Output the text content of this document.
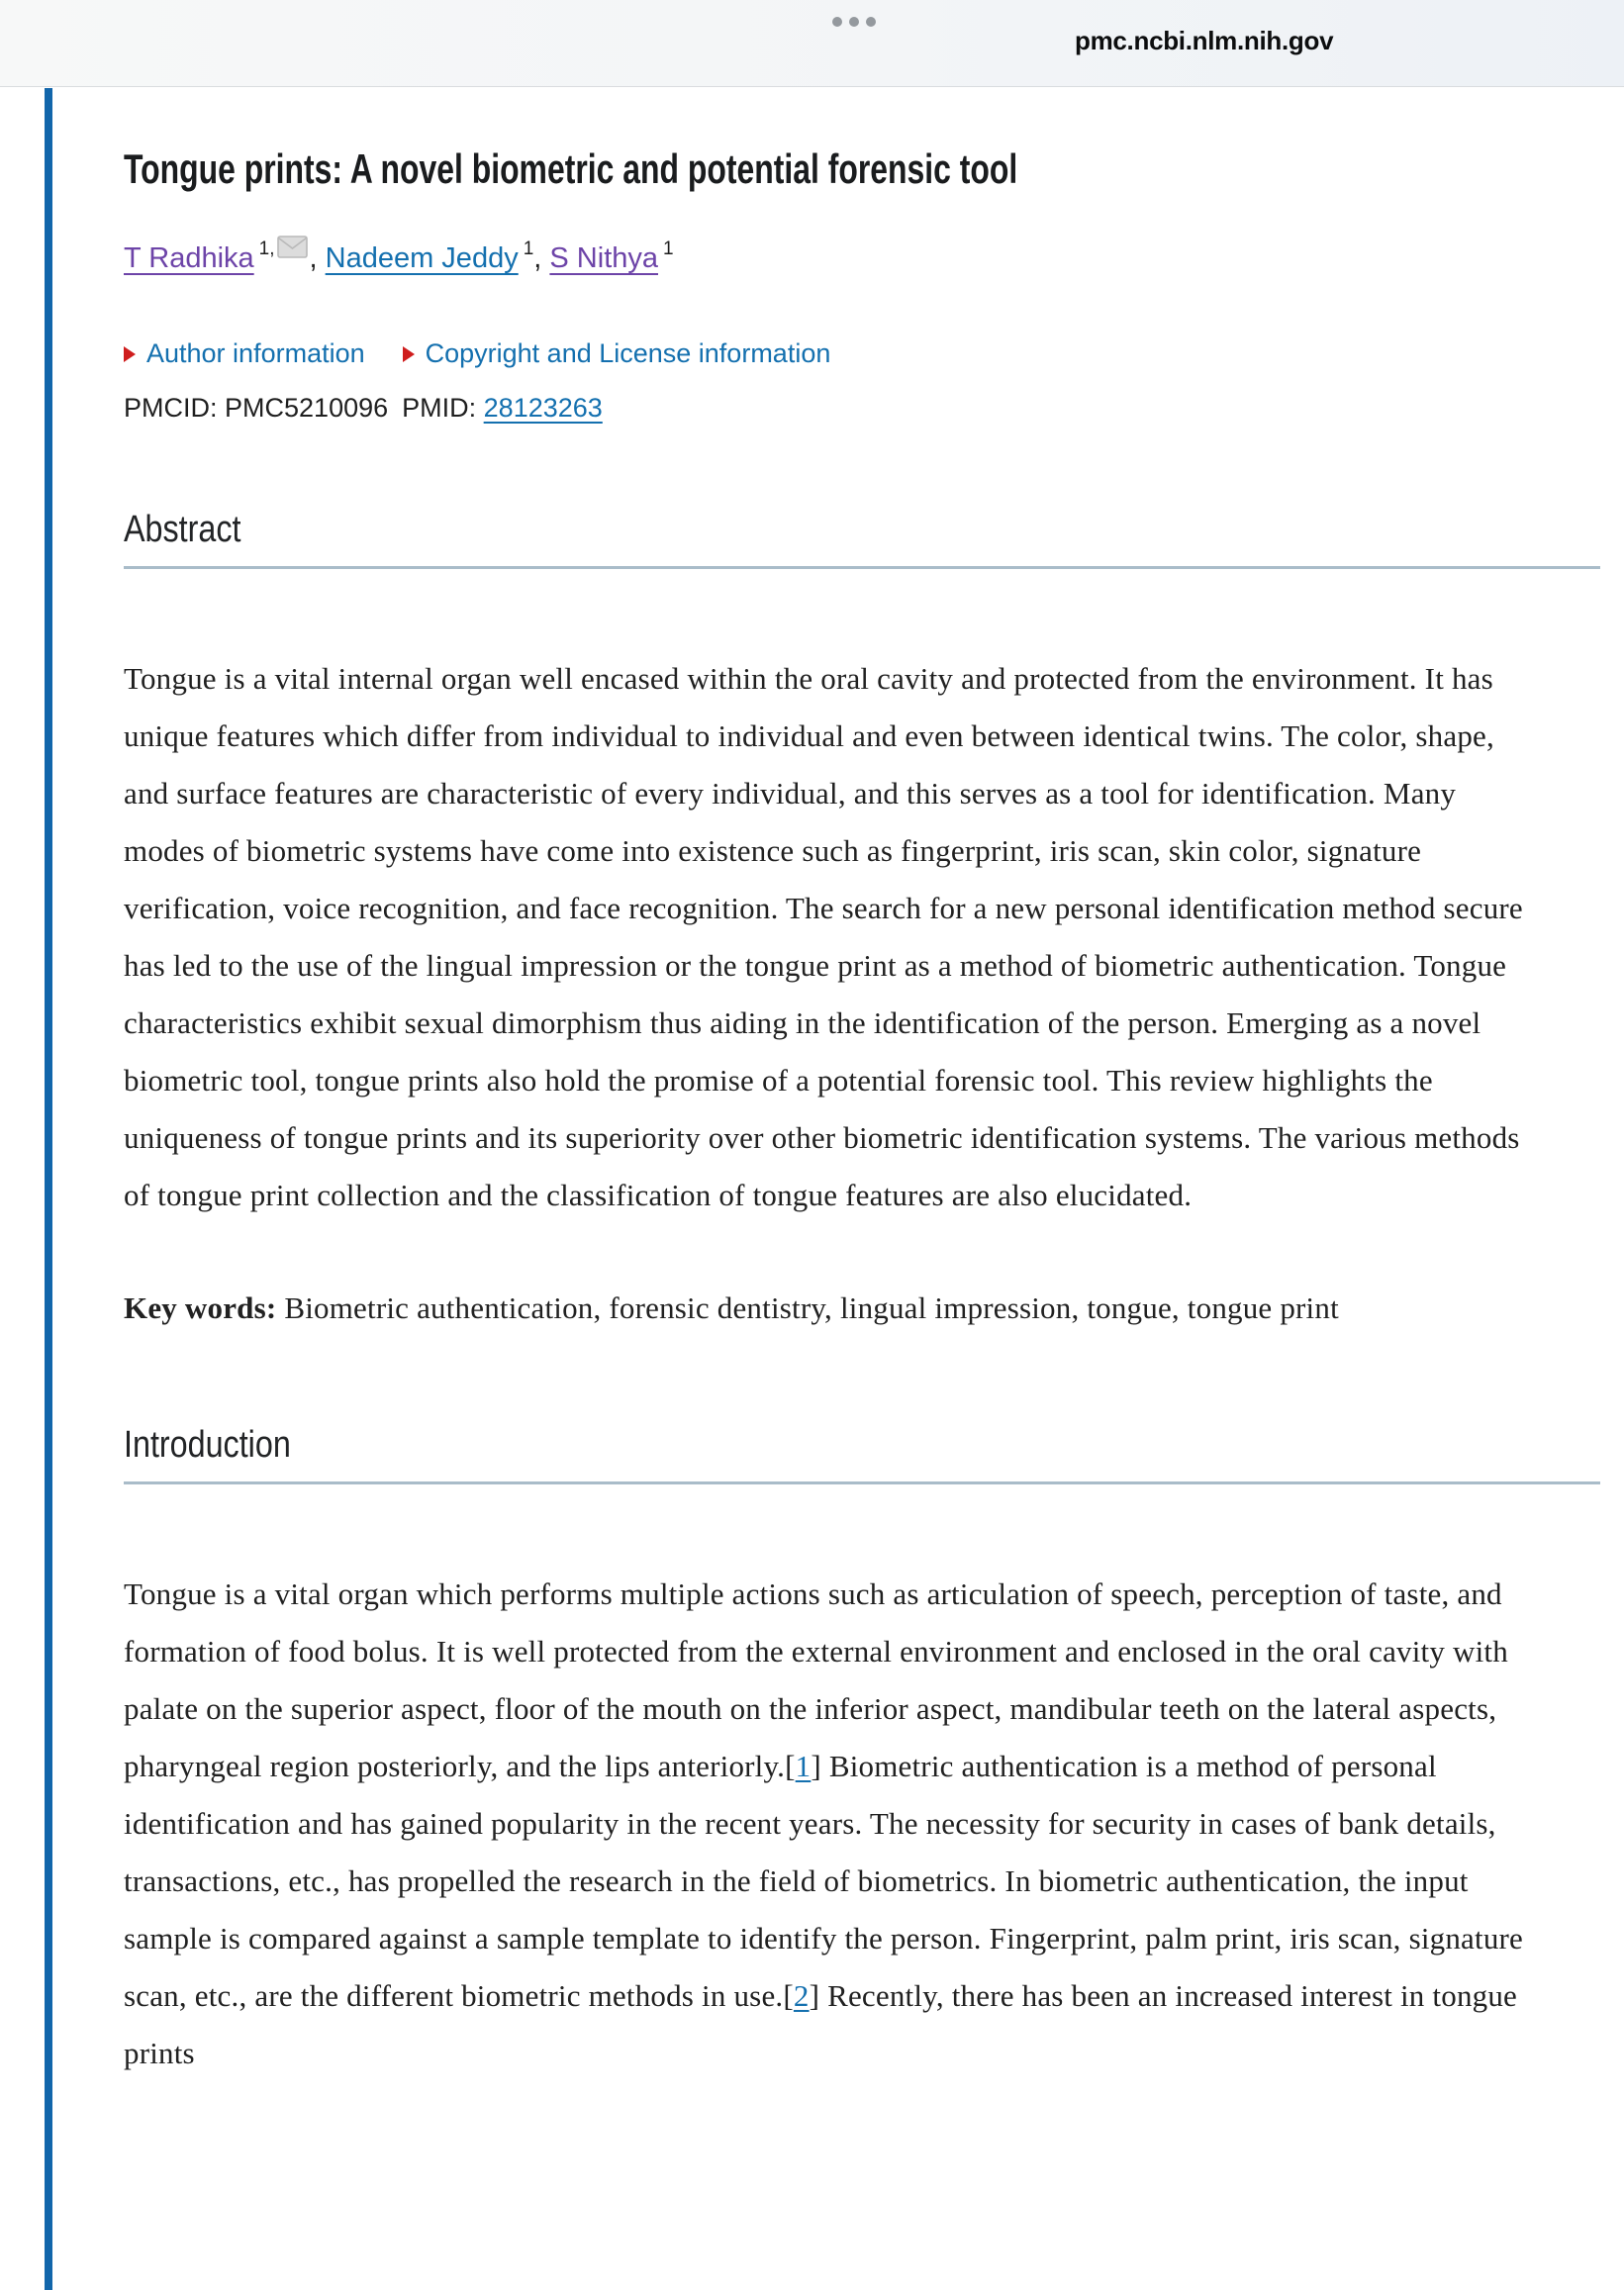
pmc.ncbi.nlm.nih.gov
Tongue prints: A novel biometric and potential forensic tool
T Radhika $^{1,}$ , Nadeem Jeddy $^1$, S Nithya $^1$
Author information Copyright and License information
PMCID: PMC5210096 PMID: 28123263
Abstract

Tongue is a vital internal organ well encased within the oral cavity and protected from the environment. It has unique features which differ from individual to individual and even between identical twins. The color, shape, and surface features are characteristic of every individual, and this serves as a tool for identification. Many modes of biometric systems have come into existence such as fingerprint, iris scan, skin color, signature verification, voice recognition, and face recognition. The search for a new personal identification method secure has led to the use of the lingual impression or the tongue print as a method of biometric authentication. Tongue characteristics exhibit sexual dimorphism thus aiding in the identification of the person. Emerging as a novel biometric tool, tongue prints also hold the promise of a potential forensic tool. This review highlights the uniqueness of tongue prints and its superiority over other biometric identification systems. The various methods of tongue print collection and the classification of tongue features are also elucidated.

Key words: Biometric authentication, forensic dentistry, lingual impression, tongue, tongue print

Introduction

Tongue is a vital organ which performs multiple actions such as articulation of speech, perception of taste, and formation of food bolus. It is well protected from the external environment and enclosed in the oral cavity with palate on the superior aspect, floor of the mouth on the inferior aspect, mandibular teeth on the lateral aspects, pharyngeal region posteriorly, and the lips anteriorly.[1] Biometric authentication is a method of personal identification and has gained popularity in the recent years. The necessity for security in cases of bank details, transactions, etc., has propelled the research in the field of biometrics. In biometric authentication, the input sample is compared against a sample template to identify the person. Fingerprint, palm print, iris scan, signature scan, etc., are the different biometric methods in use.[2] Recently, there has been an increased interest in tongue prints
